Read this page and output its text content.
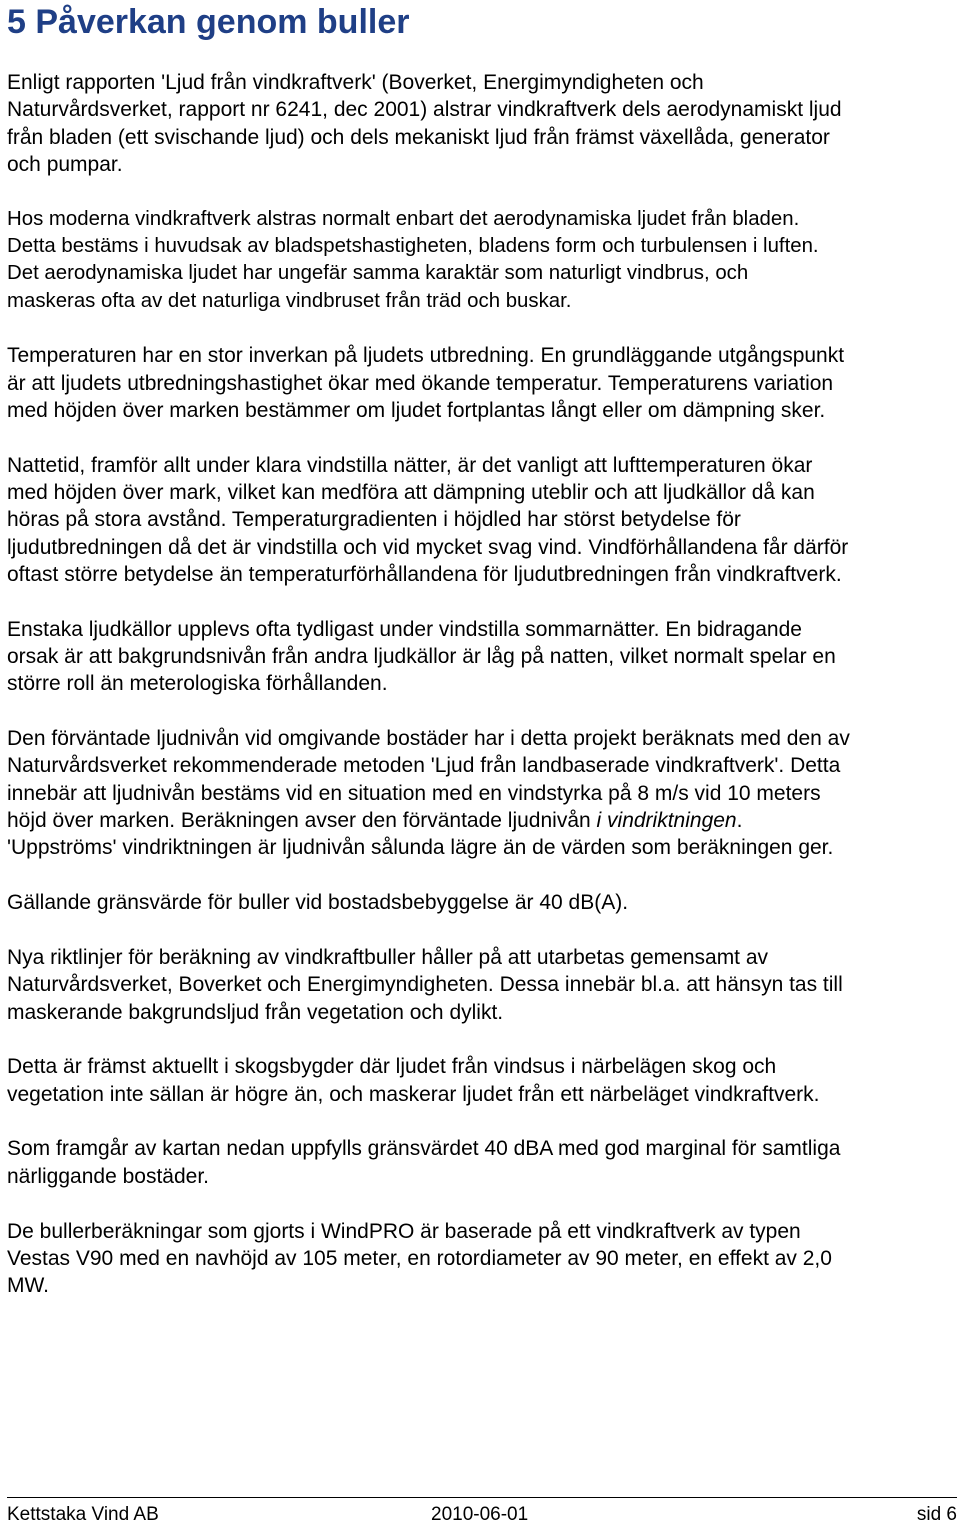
5 Påverkan genom buller

Enligt rapporten 'Ljud från vindkraftverk' (Boverket, Energimyndigheten och
Naturvårdsverket, rapport nr 6241, dec 2001) alstrar vindkraftverk dels aerodynamiskt ljud
från bladen (ett svischande ljud) och dels mekaniskt ljud från främst växellåda, generator
och pumpar.

Hos moderna vindkraftverk alstras normalt enbart det aerodynamiska ljudet från bladen.
Detta bestäms i huvudsak av bladspetshastigheten, bladens form och turbulensen i luften.
Det aerodynamiska ljudet har ungefär samma karaktär som naturligt vindbrus, och
maskeras ofta av det naturliga vindbruset från träd och buskar.

Temperaturen har en stor inverkan på ljudets utbredning. En grundläggande utgångspunkt
är att ljudets utbredningshastighet ökar med ökande temperatur. Temperaturens variation
med höjden över marken bestämmer om ljudet fortplantas långt eller om dämpning sker.

Nattetid, framför allt under klara vindstilla nätter, är det vanligt att lufttemperaturen ökar
med höjden över mark, vilket kan medföra att dämpning uteblir och att ljudkällor då kan
höras på stora avstånd. Temperaturgradienten i höjdled har störst betydelse för
ljudutbredningen då det är vindstilla och vid mycket svag vind. Vindförhållandena får därför
oftast större betydelse än temperaturförhållandena för ljudutbredningen från vindkraftverk.

Enstaka ljudkällor upplevs ofta tydligast under vindstilla sommarnätter. En bidragande
orsak är att bakgrundsnivån från andra ljudkällor är låg på natten, vilket normalt spelar en
större roll än meterologiska förhållanden.

Den förväntade ljudnivån vid omgivande bostäder har i detta projekt beräknats med den av
Naturvårdsverket rekommenderade metoden 'Ljud från landbaserade vindkraftverk'. Detta
innebär att ljudnivån bestäms vid en situation med en vindstyrka på 8 m/s vid 10 meters
höjd över marken. Beräkningen avser den förväntade ljudnivån i vindriktningen.
'Uppströms' vindriktningen är ljudnivån sålunda lägre än de värden som beräkningen ger.

Gällande gränsvärde för buller vid bostadsbebyggelse är 40 dB(A).

Nya riktlinjer för beräkning av vindkraftbuller håller på att utarbetas gemensamt av
Naturvårdsverket, Boverket och Energimyndigheten. Dessa innebär bl.a. att hänsyn tas till
maskerande bakgrundsljud från vegetation och dylikt.

Detta är främst aktuellt i skogsbygder där ljudet från vindsus i närbelägen skog och
vegetation inte sällan är högre än, och maskerar ljudet från ett närbeläget vindkraftverk.

Som framgår av kartan nedan uppfylls gränsvärdet 40 dBA med god marginal för samtliga
närliggande bostäder.

De bullerberäkningar som gjorts i WindPRO är baserade på ett vindkraftverk av typen
Vestas V90 med en navhöjd av 105 meter, en rotordiameter av 90 meter, en effekt av 2,0
MW.

Kettstaka Vind AB	2010-06-01	sid 6
